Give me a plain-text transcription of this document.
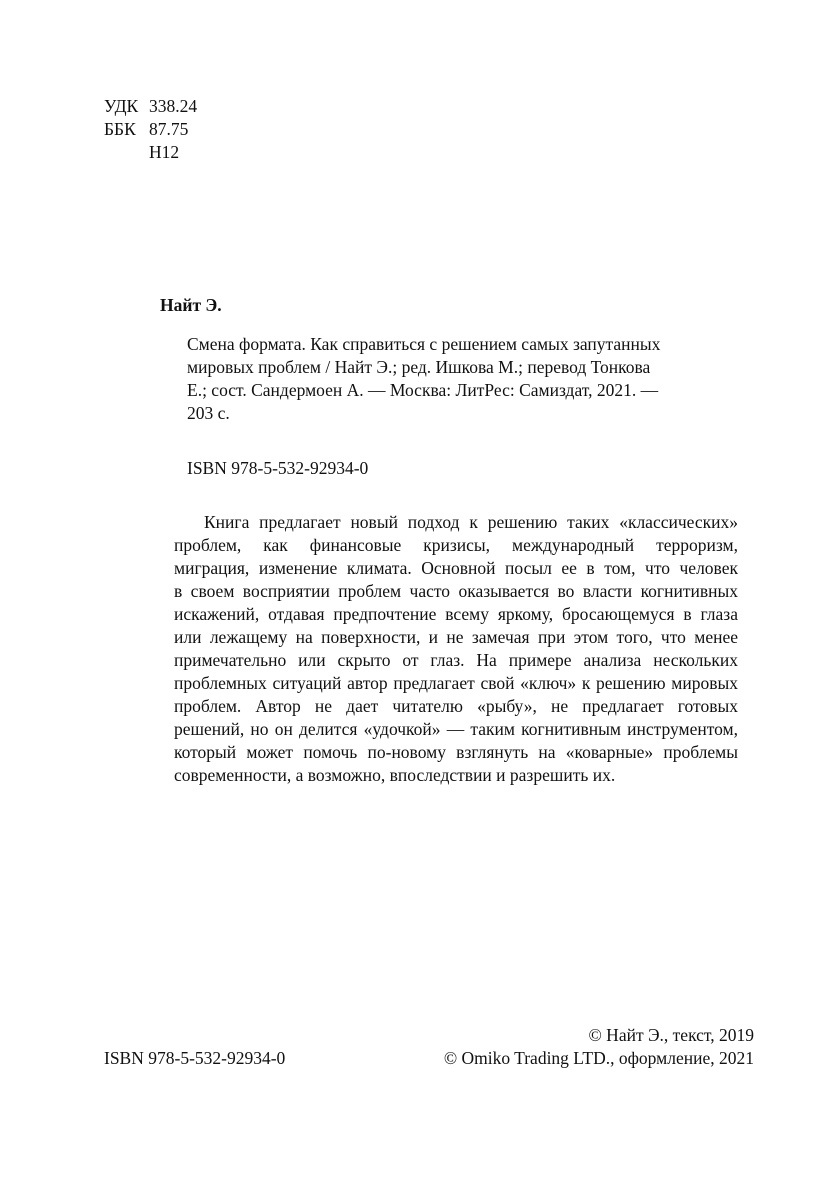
УДК 338.24
ББК 87.75
Н12
Найт Э.
Смена формата. Как справиться с решением самых запутанных
мировых проблем / Найт Э.; ред. Ишкова М.; перевод Тонкова
Е.; сост. Сандермоен А. — Москва: ЛитРес: Самиздат, 2021. —
203 с.
ISBN 978-5-532-92934-0
Книга предлагает новый подход к решению таких «классических»
проблем, как финансовые кризисы, международный терроризм,
миграция, изменение климата. Основной посыл ее в том, что человек
в своем восприятии проблем часто оказывается во власти когнитивных
искажений, отдавая предпочтение всему яркому, бросающемуся в глаза
или лежащему на поверхности, и не замечая при этом того, что менее
примечательно или скрыто от глаз. На примере анализа нескольких
проблемных ситуаций автор предлагает свой «ключ» к решению мировых
проблем. Автор не дает читателю «рыбу», не предлагает готовых
решений, но он делится «удочкой» — таким когнитивным инструментом,
который может помочь по-новому взглянуть на «коварные» проблемы
современности, а возможно, впоследствии и разрешить их.
ISBN 978-5-532-92934-0
© Найт Э., текст, 2019
© Omiko Trading LTD., оформление, 2021
